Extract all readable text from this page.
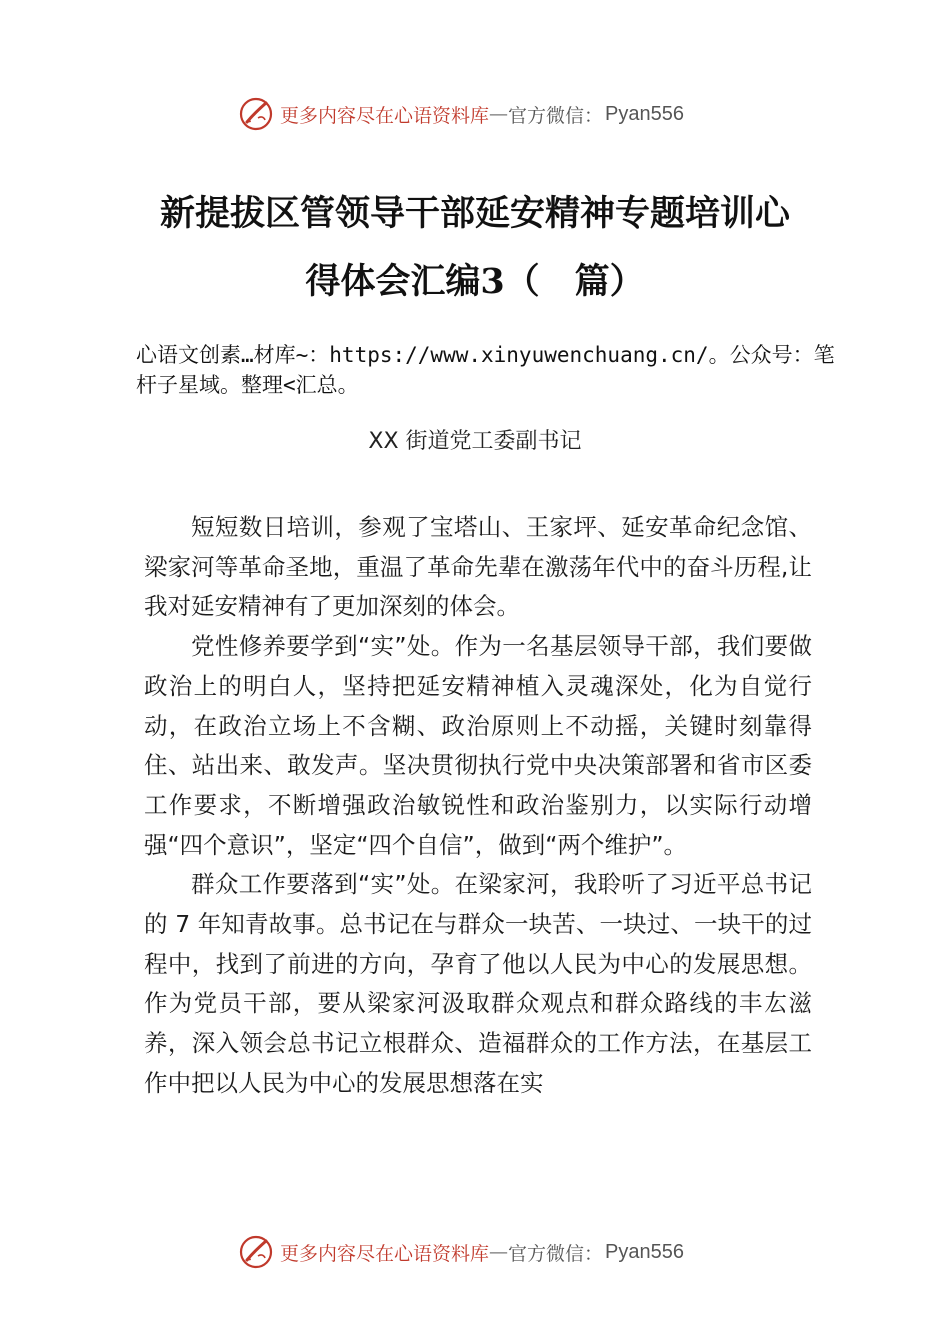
更多内容尽在心语资料库 — 官方微信： Pyan556
新提拔区管领导干部延安精神专题培训心
得体会汇编3（　篇）

心语文创素…材库~：https://www.xinyuwenchuang.cn/。公众号：笔杆子星域。整理<汇总。

XX 街道党工委副书记

短短数日培训，参观了宝塔山、王家坪、延安革命纪念馆、梁家河等革命圣地，重温了革命先辈在激荡年代中的奋斗历程,让我对延安精神有了更加深刻的体会。

党性修养要学到“实”处。作为一名基层领导干部，我们要做政治上的明白人，坚持把延安精神植入灵魂深处，化为自觉行动，在政治立场上不含糊、政治原则上不动摇，关键时刻靠得住、站出来、敢发声。坚决贯彻执行党中央决策部署和省市区委工作要求，不断增强政治敏锐性和政治鉴别力，以实际行动增强“四个意识”，坚定“四个自信”，做到“两个维护”。

群众工作要落到“实”处。在梁家河，我聆听了习近平总书记的 7 年知青故事。总书记在与群众一块苦、一块过、一块干的过程中，找到了前进的方向，孕育了他以人民为中心的发展思想。作为党员干部，要从梁家河汲取群众观点和群众路线的丰厷滋养，深入领会总书记立根群众、造福群众的工作方法，在基层工作中把以人民为中心的发展思想落在实

更多内容尽在心语资料库 — 官方微信： Pyan556
